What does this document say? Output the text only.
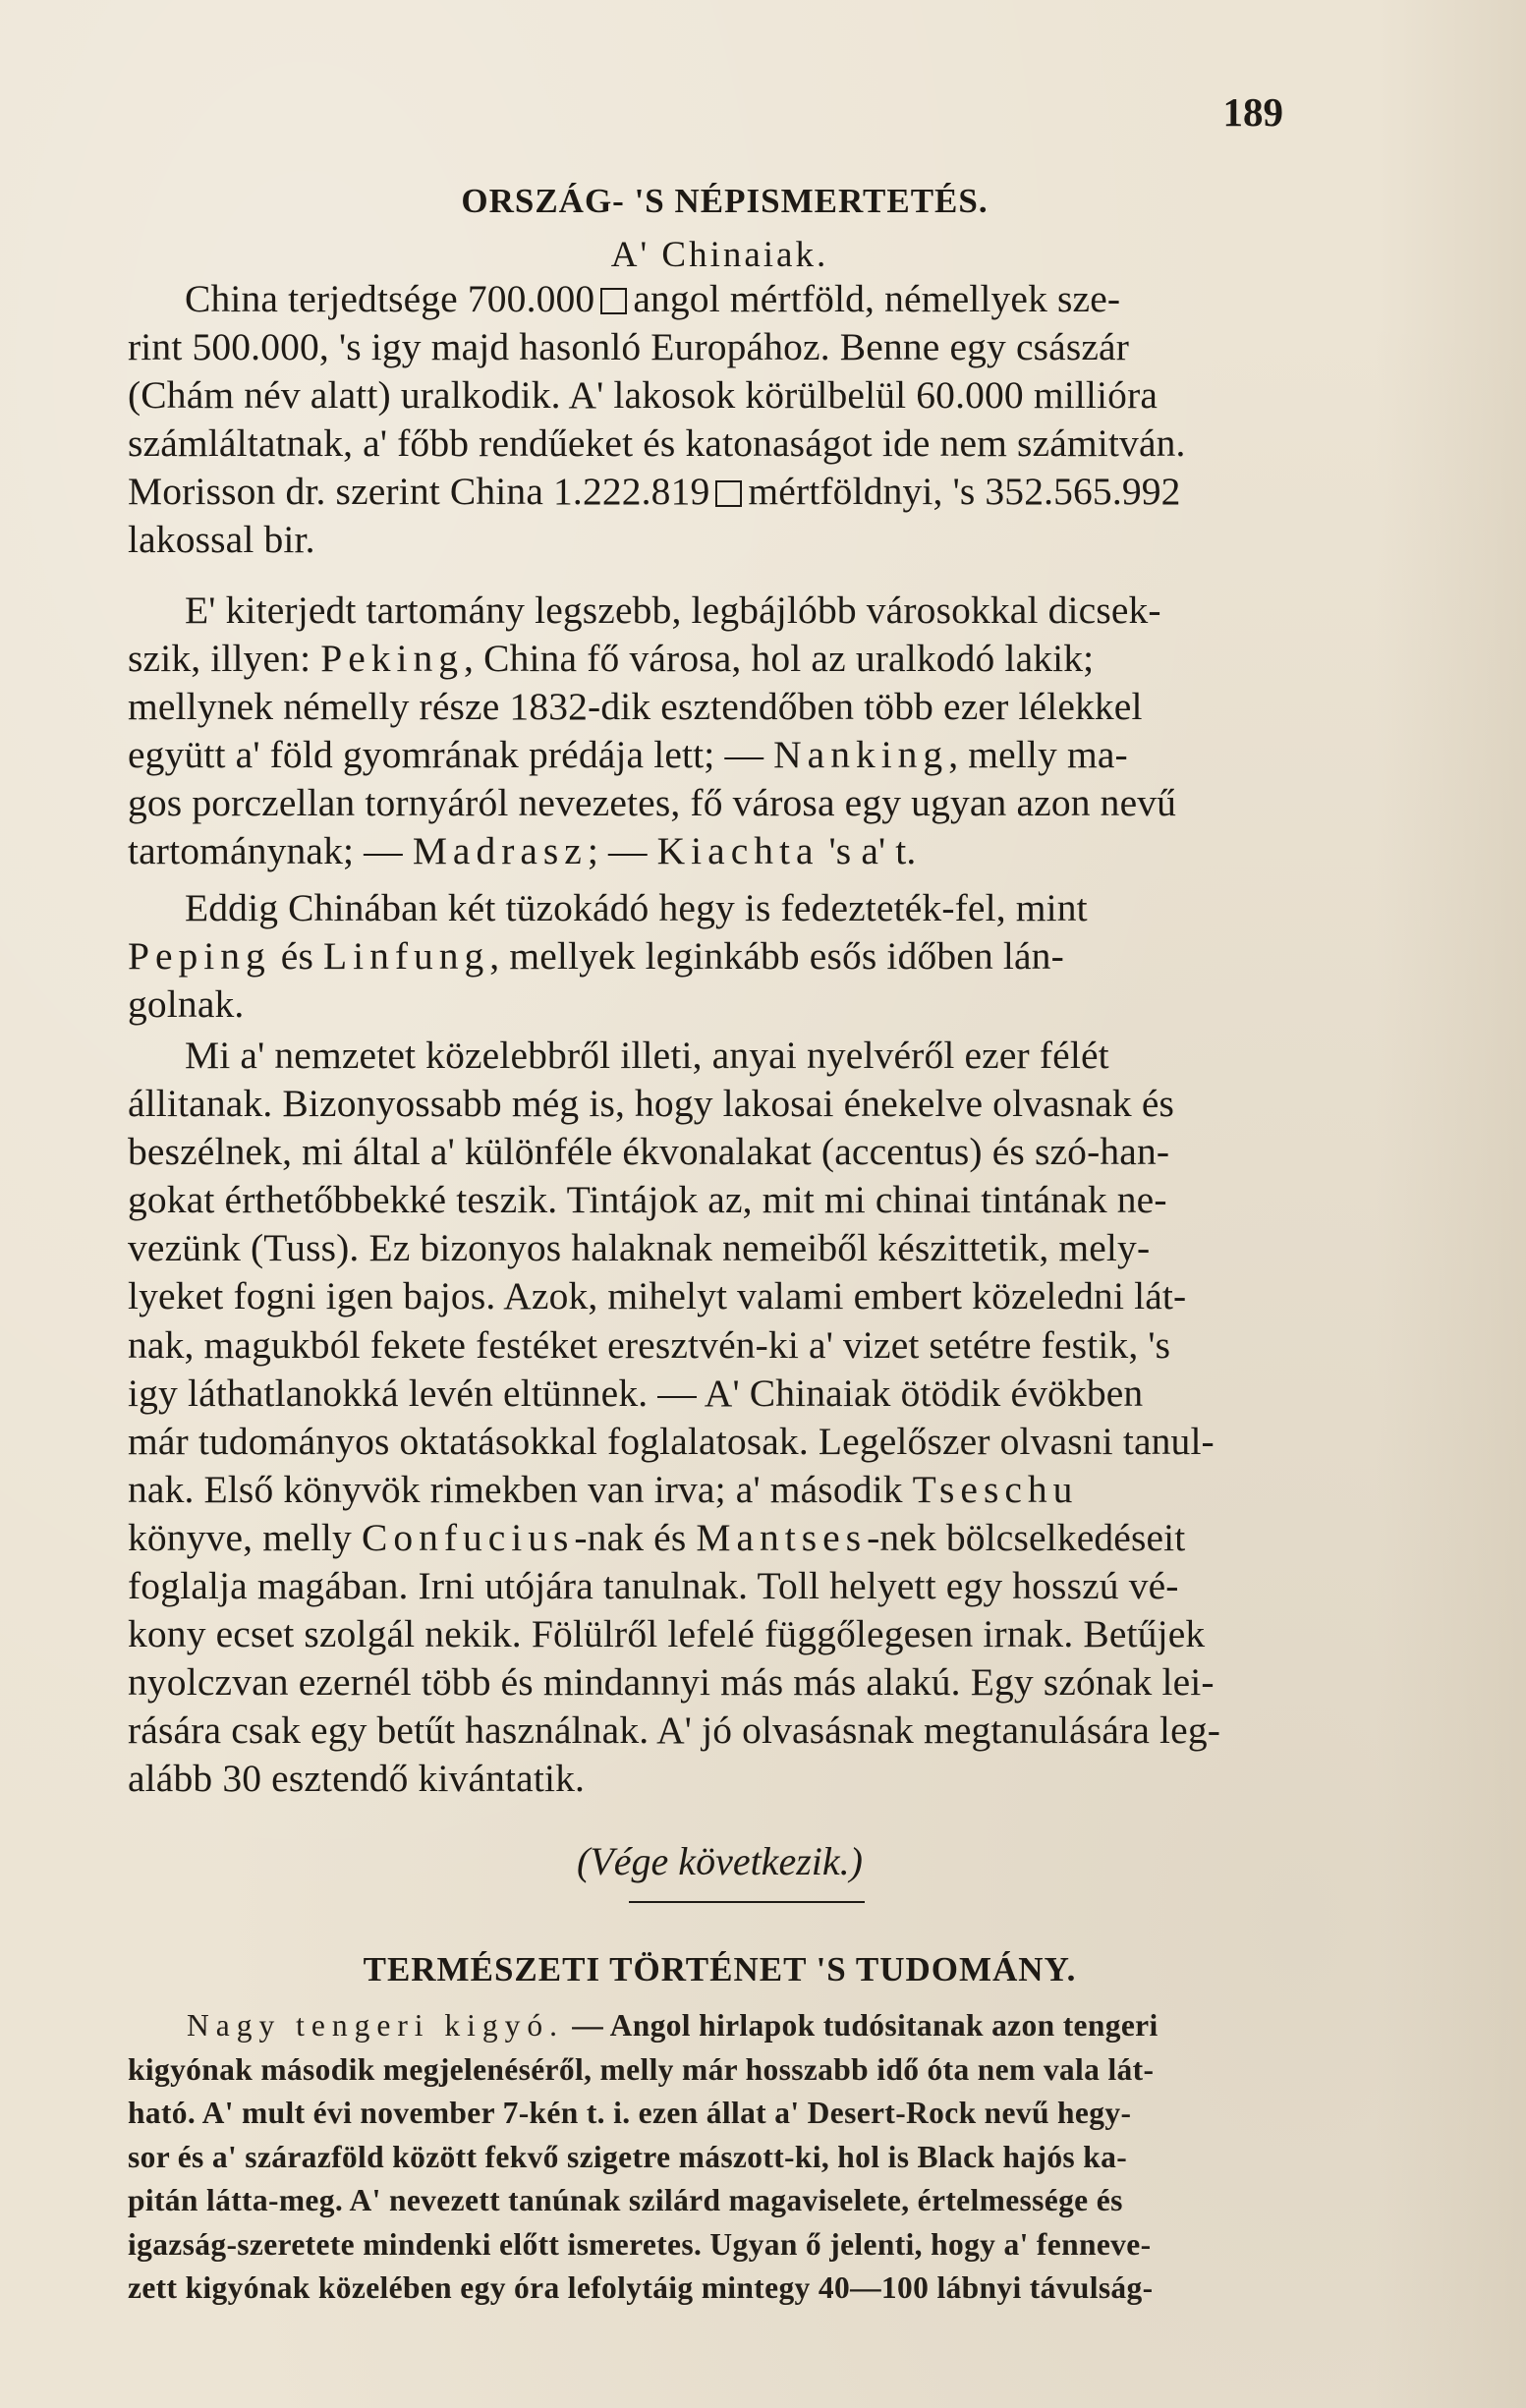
189
ORSZÁG- 'S NÉPISMERTETÉS.
A' Chinaiak.
China terjedtsége 700.000 angol mértföld, némellyek sze-
rint 500.000, 's igy majd hasonló Europához. Benne egy császár
(Chám név alatt) uralkodik. A' lakosok körülbelül 60.000 millióra
számláltatnak, a' főbb rendűeket és katonaságot ide nem számitván.
Morisson dr. szerint China 1.222.819 mértföldnyi, 's 352.565.992
lakossal bir.
E' kiterjedt tartomány legszebb, legbájlóbb városokkal dicsek-
szik, illyen: Peking, China fő városa, hol az uralkodó lakik;
mellynek némelly része 1832-dik esztendőben több ezer lélekkel
együtt a' föld gyomrának prédája lett; — Nanking, melly ma-
gos porczellan tornyáról nevezetes, fő városa egy ugyan azon nevű
tartománynak; — Madrasz; — Kiachta 's a' t.
Eddig Chinában két tüzokádó hegy is fedezteték-fel, mint
Peping és Linfung, mellyek leginkább esős időben lán-
golnak.
Mi a' nemzetet közelebbről illeti, anyai nyelvéről ezer félét
állitanak. Bizonyossabb még is, hogy lakosai énekelve olvasnak és
beszélnek, mi által a' különféle ékvonalakat (accentus) és szó-han-
gokat érthetőbbekké teszik. Tintájok az, mit mi chinai tintának ne-
vezünk (Tuss). Ez bizonyos halaknak nemeiből készittetik, mely-
lyeket fogni igen bajos. Azok, mihelyt valami embert közeledni lát-
nak, magukból fekete festéket eresztvén-ki a' vizet setétre festik, 's
igy láthatlanokká levén eltünnek. — A' Chinaiak ötödik évökben
már tudományos oktatásokkal foglalatosak. Legelőszer olvasni tanul-
nak. Első könyvök rimekben van irva; a' második Tseschu
könyve, melly Confucius-nak és Mantses-nek bölcselkedéseit
foglalja magában. Irni utójára tanulnak. Toll helyett egy hosszú vé-
kony ecset szolgál nekik. Fölülről lefelé függőlegesen irnak. Betűjek
nyolczvan ezernél több és mindannyi más más alakú. Egy szónak lei-
rására csak egy betűt használnak. A' jó olvasásnak megtanulására leg-
alább 30 esztendő kivántatik.
(Vége következik.)
TERMÉSZETI TÖRTÉNET 'S TUDOMÁNY.
Nagy tengeri kigyó. — Angol hirlapok tudósitanak azon tengeri
kigyónak második megjelenéséről, melly már hosszabb idő óta nem vala lát-
ható. A' mult évi november 7-kén t. i. ezen állat a' Desert-Rock nevű hegy-
sor és a' szárazföld között fekvő szigetre mászott-ki, hol is Black hajós ka-
pitán látta-meg. A' nevezett tanúnak szilárd magaviselete, értelmessége és
igazság-szeretete mindenki előtt ismeretes. Ugyan ő jelenti, hogy a' fenneve-
zett kigyónak közelében egy óra lefolytáig mintegy 40—100 lábnyi távulság-
